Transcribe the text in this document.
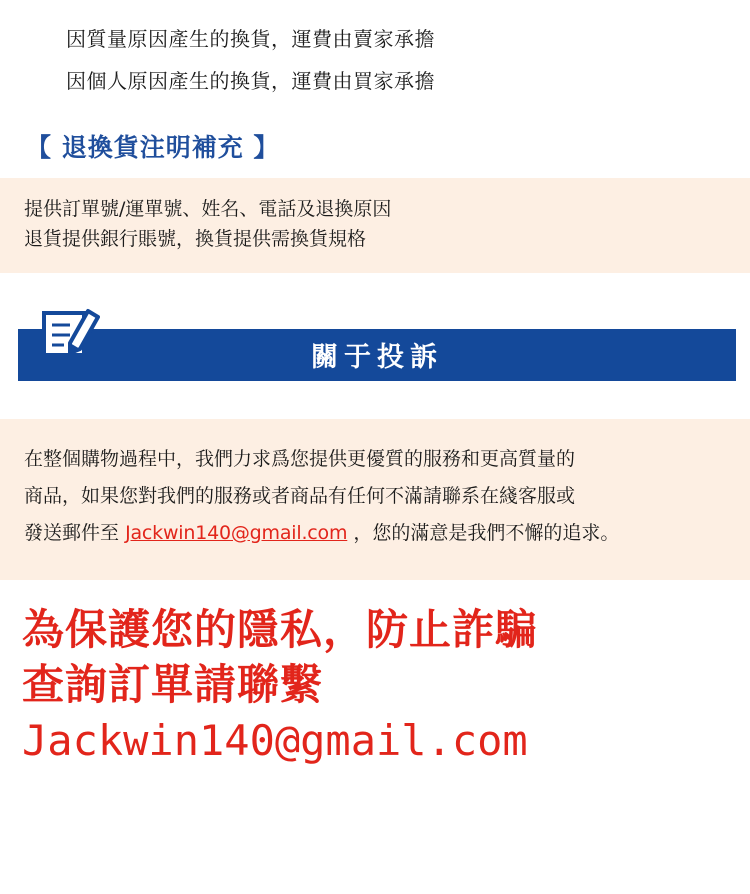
因質量原因產生的換貨，運費由賣家承擔
因個人原因產生的換貨，運費由買家承擔
【 退換貨注明補充 】
提供訂單號/運單號、姓名、電話及退換原因
退貨提供銀行賬號，換貨提供需換貨規格
關于投訴
在整個購物過程中，我們力求爲您提供更優質的服務和更高質量的
商品，如果您對我們的服務或者商品有任何不滿請聯系在綫客服或
發送郵件至 Jackwin140@gmail.com ，您的滿意是我們不懈的追求。
為保護您的隱私，防止詐騙
查詢訂單請聯繫
Jackwin140@gmail.com
